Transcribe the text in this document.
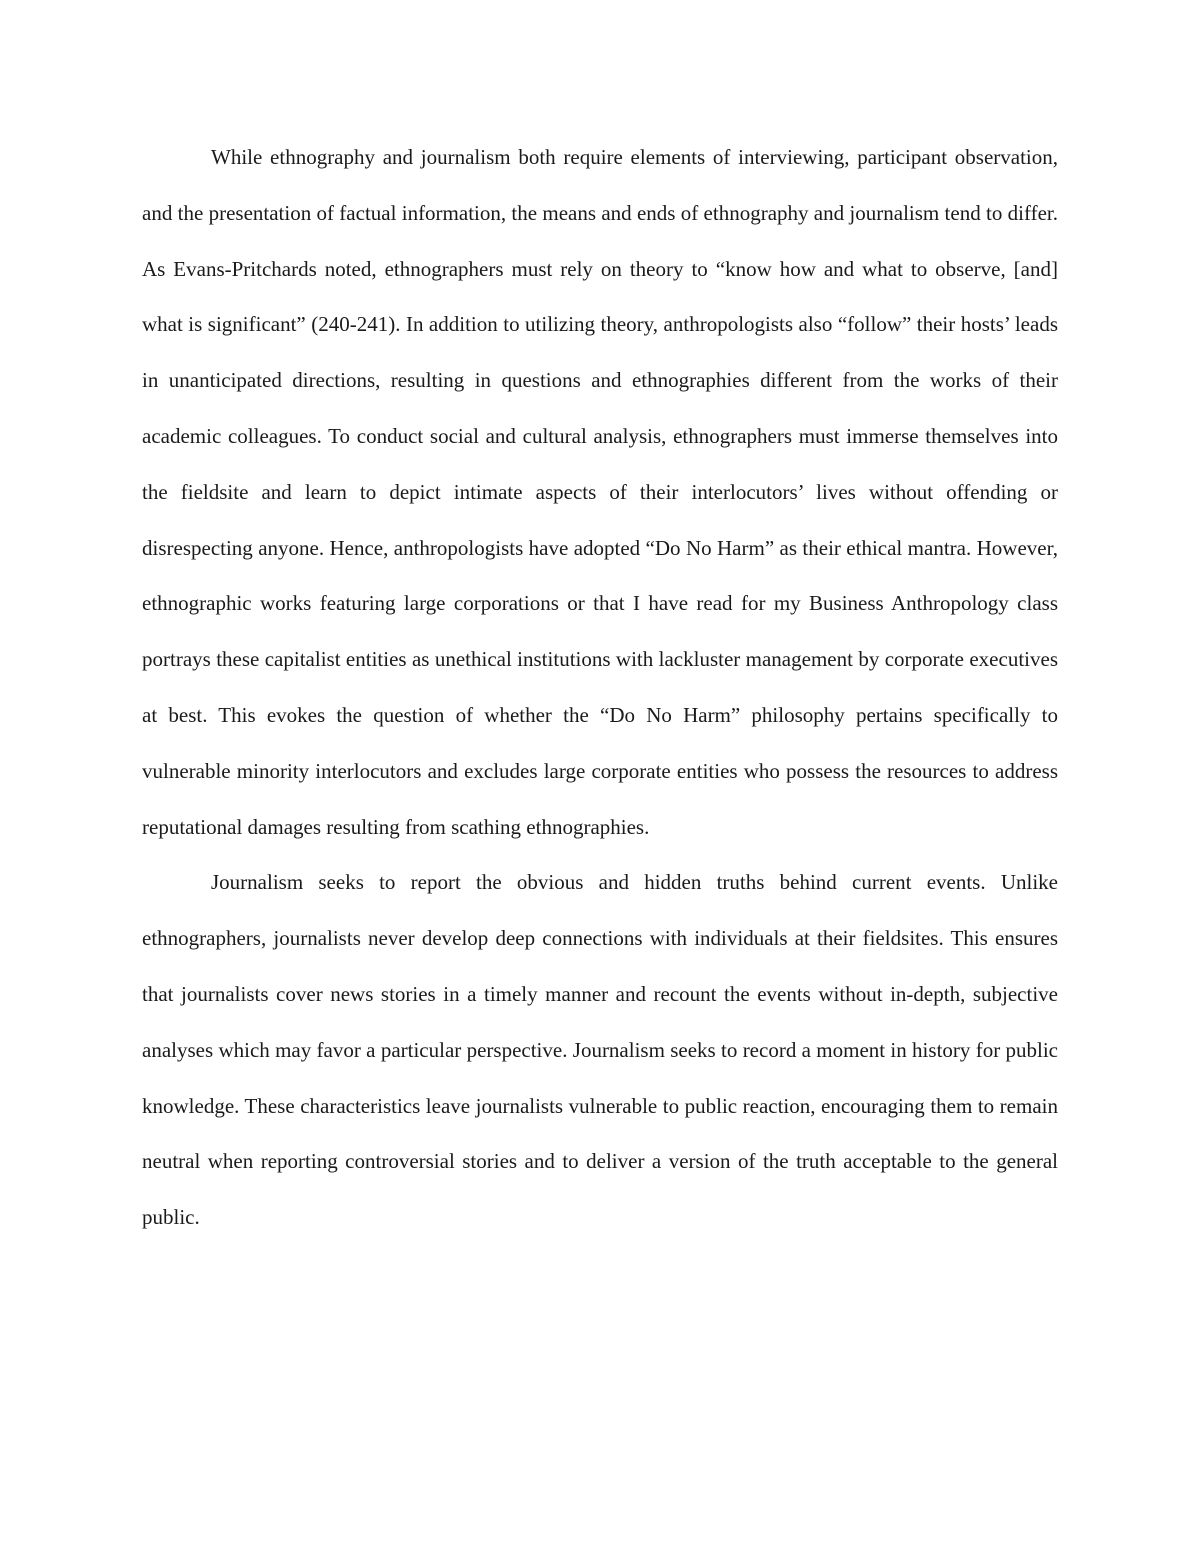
While ethnography and journalism both require elements of interviewing, participant observation, and the presentation of factual information, the means and ends of ethnography and journalism tend to differ. As Evans-Pritchards noted, ethnographers must rely on theory to “know how and what to observe, [and] what is significant” (240-241). In addition to utilizing theory, anthropologists also “follow” their hosts’ leads in unanticipated directions, resulting in questions and ethnographies different from the works of their academic colleagues. To conduct social and cultural analysis, ethnographers must immerse themselves into the fieldsite and learn to depict intimate aspects of their interlocutors’ lives without offending or disrespecting anyone. Hence, anthropologists have adopted “Do No Harm” as their ethical mantra. However, ethnographic works featuring large corporations or that I have read for my Business Anthropology class portrays these capitalist entities as unethical institutions with lackluster management by corporate executives at best. This evokes the question of whether the “Do No Harm” philosophy pertains specifically to vulnerable minority interlocutors and excludes large corporate entities who possess the resources to address reputational damages resulting from scathing ethnographies.

Journalism seeks to report the obvious and hidden truths behind current events. Unlike ethnographers, journalists never develop deep connections with individuals at their fieldsites. This ensures that journalists cover news stories in a timely manner and recount the events without in-depth, subjective analyses which may favor a particular perspective. Journalism seeks to record a moment in history for public knowledge. These characteristics leave journalists vulnerable to public reaction, encouraging them to remain neutral when reporting controversial stories and to deliver a version of the truth acceptable to the general public.
